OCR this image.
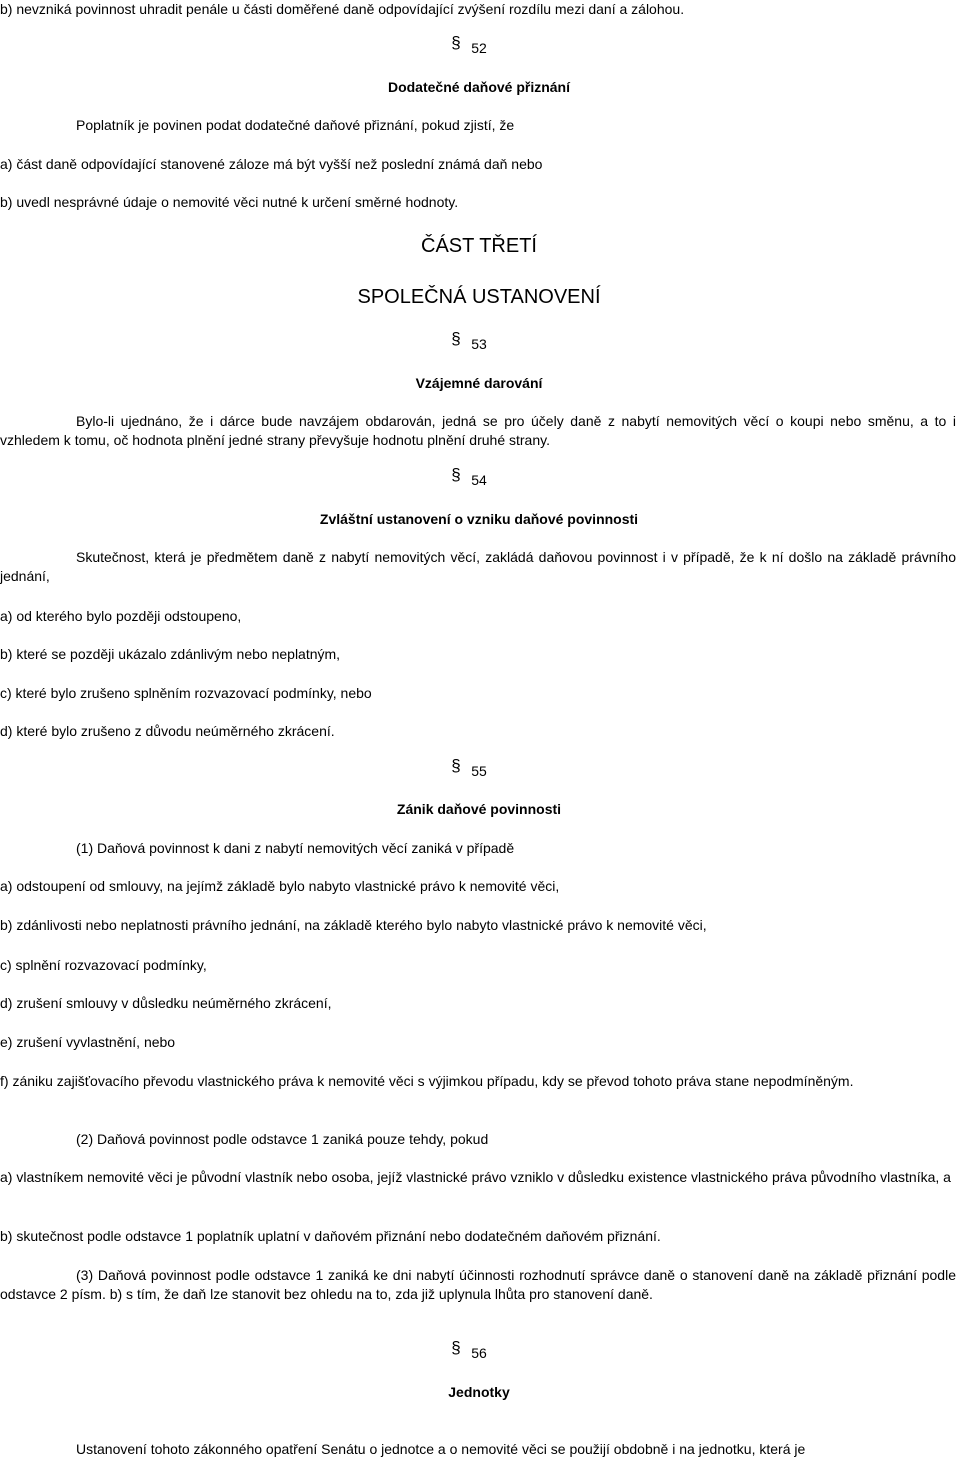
b) nevzniká povinnost uhradit penále u části doměřené daně odpovídající zvýšení rozdílu mezi daní a zálohou.
§ 52
Dodatečné daňové přiznání
Poplatník je povinen podat dodatečné daňové přiznání, pokud zjistí, že
a) část daně odpovídající stanovené záloze má být vyšší než poslední známá daň nebo
b) uvedl nesprávné údaje o nemovité věci nutné k určení směrné hodnoty.
ČÁST TŘETÍ
SPOLEČNÁ USTANOVENÍ
§ 53
Vzájemné darování
Bylo-li ujednáno, že i dárce bude navzájem obdarován, jedná se pro účely daně z nabytí nemovitých věcí o koupi nebo směnu, a to i vzhledem k tomu, oč hodnota plnění jedné strany převyšuje hodnotu plnění druhé strany.
§ 54
Zvláštní ustanovení o vzniku daňové povinnosti
Skutečnost, která je předmětem daně z nabytí nemovitých věcí, zakládá daňovou povinnost i v případě, že k ní došlo na základě právního jednání,
a) od kterého bylo později odstoupeno,
b) které se později ukázalo zdánlivým nebo neplatným,
c) které bylo zrušeno splněním rozvazovací podmínky, nebo
d) které bylo zrušeno z důvodu neúměrného zkrácení.
§ 55
Zánik daňové povinnosti
(1) Daňová povinnost k dani z nabytí nemovitých věcí zaniká v případě
a) odstoupení od smlouvy, na jejímž základě bylo nabyto vlastnické právo k nemovité věci,
b) zdánlivosti nebo neplatnosti právního jednání, na základě kterého bylo nabyto vlastnické právo k nemovité věci,
c) splnění rozvazovací podmínky,
d) zrušení smlouvy v důsledku neúměrného zkrácení,
e) zrušení vyvlastnění, nebo
f) zániku zajišťovacího převodu vlastnického práva k nemovité věci s výjimkou případu, kdy se převod tohoto práva stane nepodmíněným.
(2) Daňová povinnost podle odstavce 1 zaniká pouze tehdy, pokud
a) vlastníkem nemovité věci je původní vlastník nebo osoba, jejíž vlastnické právo vzniklo v důsledku existence vlastnického práva původního vlastníka, a
b) skutečnost podle odstavce 1 poplatník uplatní v daňovém přiznání nebo dodatečném daňovém přiznání.
(3) Daňová povinnost podle odstavce 1 zaniká ke dni nabytí účinnosti rozhodnutí správce daně o stanovení daně na základě přiznání podle odstavce 2 písm. b) s tím, že daň lze stanovit bez ohledu na to, zda již uplynula lhůta pro stanovení daně.
§ 56
Jednotky
Ustanovení tohoto zákonného opatření Senátu o jednotce a o nemovité věci se použijí obdobně i na jednotku, která je
